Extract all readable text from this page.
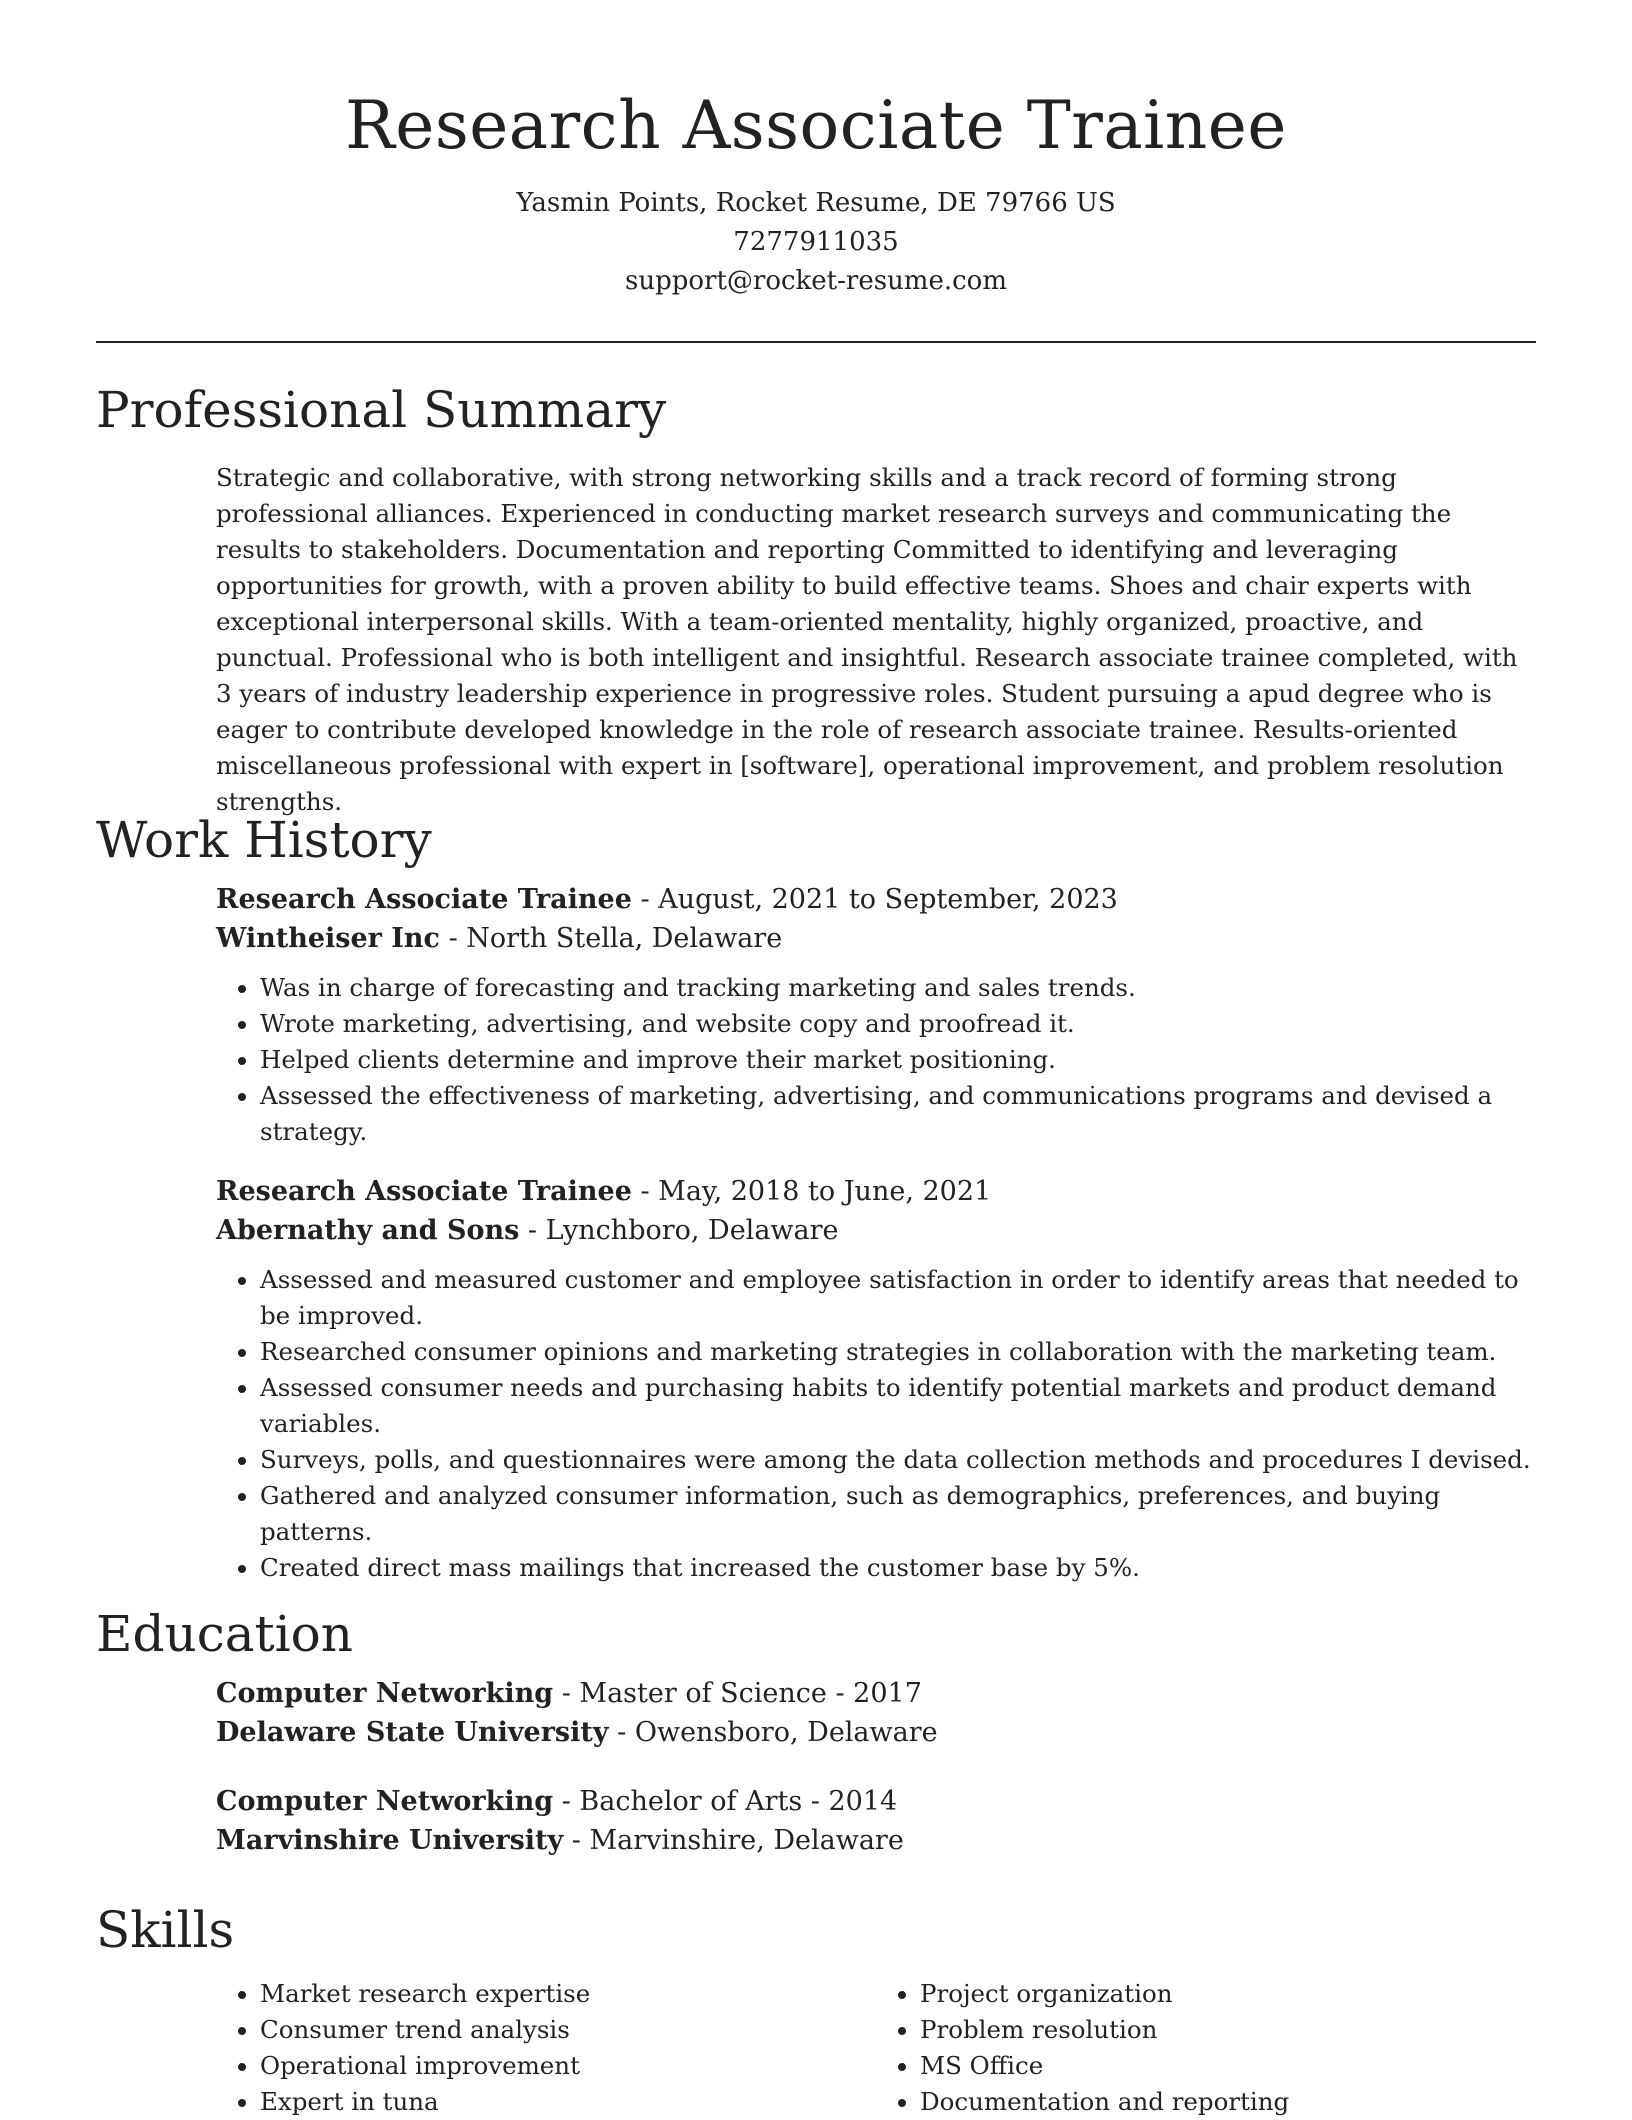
Research Associate Trainee
Yasmin Points, Rocket Resume, DE 79766 US
7277911035
support@rocket-resume.com
Professional Summary
Strategic and collaborative, with strong networking skills and a track record of forming strong professional alliances. Experienced in conducting market research surveys and communicating the results to stakeholders. Documentation and reporting Committed to identifying and leveraging opportunities for growth, with a proven ability to build effective teams. Shoes and chair experts with exceptional interpersonal skills. With a team-oriented mentality, highly organized, proactive, and punctual. Professional who is both intelligent and insightful. Research associate trainee completed, with 3 years of industry leadership experience in progressive roles. Student pursuing a apud degree who is eager to contribute developed knowledge in the role of research associate trainee. Results-oriented miscellaneous professional with expert in [software], operational improvement, and problem resolution strengths.
Work History
Research Associate Trainee - August, 2021 to September, 2023
Wintheiser Inc - North Stella, Delaware
• Was in charge of forecasting and tracking marketing and sales trends.
• Wrote marketing, advertising, and website copy and proofread it.
• Helped clients determine and improve their market positioning.
• Assessed the effectiveness of marketing, advertising, and communications programs and devised a strategy.
Research Associate Trainee - May, 2018 to June, 2021
Abernathy and Sons - Lynchboro, Delaware
• Assessed and measured customer and employee satisfaction in order to identify areas that needed to be improved.
• Researched consumer opinions and marketing strategies in collaboration with the marketing team.
• Assessed consumer needs and purchasing habits to identify potential markets and product demand variables.
• Surveys, polls, and questionnaires were among the data collection methods and procedures I devised.
• Gathered and analyzed consumer information, such as demographics, preferences, and buying patterns.
• Created direct mass mailings that increased the customer base by 5%.
Education
Computer Networking - Master of Science - 2017
Delaware State University - Owensboro, Delaware
Computer Networking - Bachelor of Arts - 2014
Marvinshire University - Marvinshire, Delaware
Skills
• Market research expertise
• Consumer trend analysis
• Operational improvement
• Expert in tuna
• Project organization
• Problem resolution
• MS Office
• Documentation and reporting
